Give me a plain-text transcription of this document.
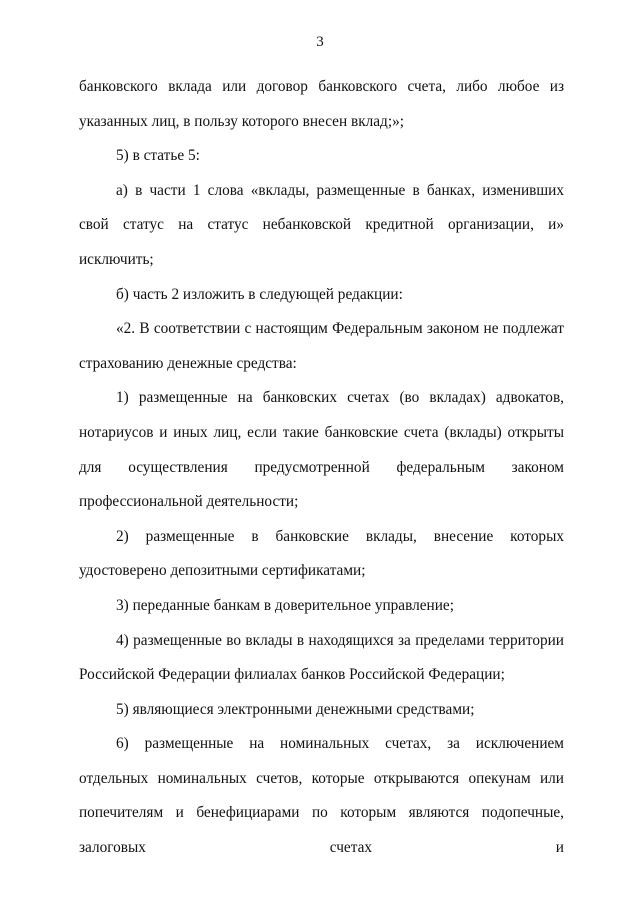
3

банковского вклада или договор банковского счета, либо любое из указанных лиц, в пользу которого внесен вклад;»;

5) в статье 5:

а) в части 1 слова «вклады, размещенные в банках, изменивших свой статус на статус небанковской кредитной организации, и» исключить;

б) часть 2 изложить в следующей редакции:

«2. В соответствии с настоящим Федеральным законом не подлежат страхованию денежные средства:

1) размещенные на банковских счетах (во вкладах) адвокатов, нотариусов и иных лиц, если такие банковские счета (вклады) открыты для осуществления предусмотренной федеральным законом профессиональной деятельности;

2) размещенные в банковские вклады, внесение которых удостоверено депозитными сертификатами;

3) переданные банкам в доверительное управление;

4) размещенные во вклады в находящихся за пределами территории Российской Федерации филиалах банков Российской Федерации;

5) являющиеся электронными денежными средствами;

6) размещенные на номинальных счетах, за исключением отдельных номинальных счетов, которые открываются опекунам или попечителям и бенефициарами по которым являются подопечные, залоговых счетах и
